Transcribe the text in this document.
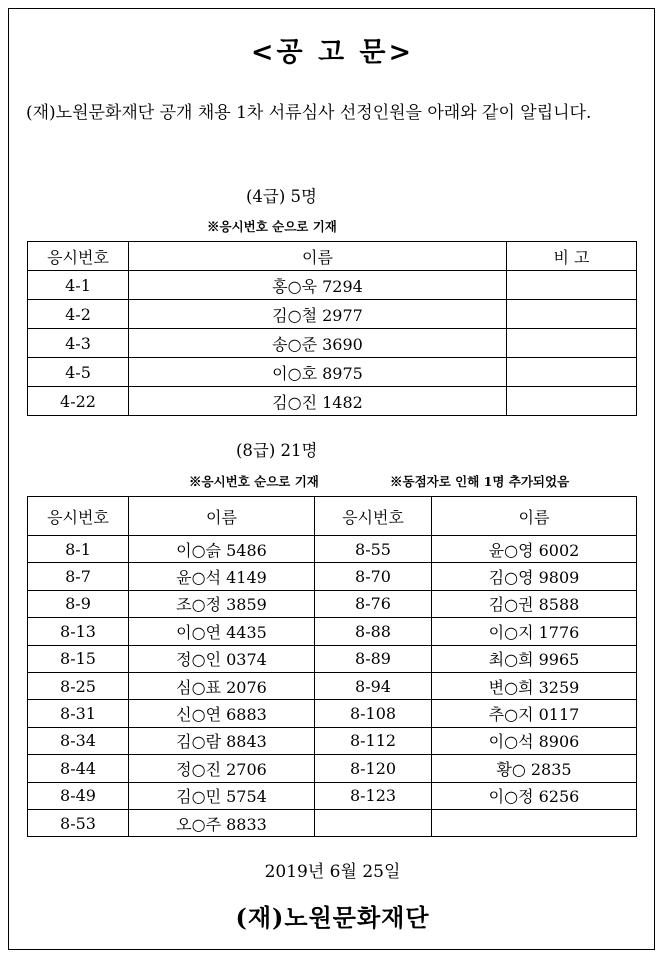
<공 고 문>
(재)노원문화재단 공개 채용 1차 서류심사 선정인원을 아래와 같이 알립니다.
(4급) 5명
※응시번호 순으로 기재
응시번호	이름	비 고
4-1	홍○욱 7294	
4-2	김○철 2977	
4-3	송○준 3690	
4-5	이○호 8975	
4-22	김○진 1482	
(8급) 21명
※응시번호 순으로 기재	※동점자로 인해 1명 추가되었음
응시번호	이름	응시번호	이름
8-1	이○슭 5486	8-55	윤○영 6002
8-7	윤○석 4149	8-70	김○영 9809
8-9	조○정 3859	8-76	김○권 8588
8-13	이○연 4435	8-88	이○지 1776
8-15	정○인 0374	8-89	최○희 9965
8-25	심○표 2076	8-94	변○희 3259
8-31	신○연 6883	8-108	추○지 0117
8-34	김○람 8843	8-112	이○석 8906
8-44	정○진 2706	8-120	황○ 2835
8-49	김○민 5754	8-123	이○정 6256
8-53	오○주 8833		
2019년 6월 25일
(재)노원문화재단
